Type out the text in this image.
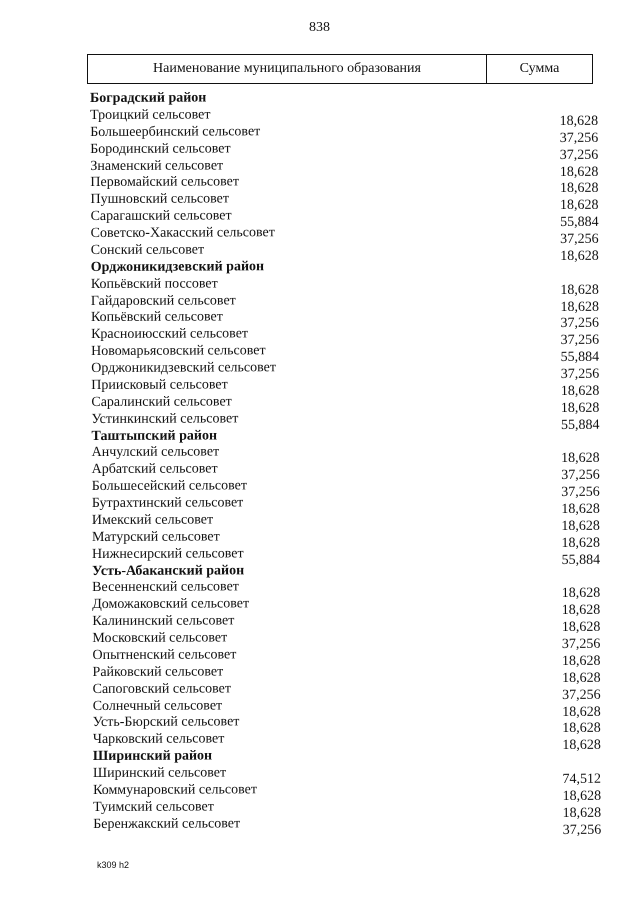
838
Наименование муниципального образования	Сумма
Боградский район
Троицкий сельсовет	18,628
Большеербинский сельсовет	37,256
Бородинский сельсовет	37,256
Знаменский сельсовет	18,628
Первомайский сельсовет	18,628
Пушновский сельсовет	18,628
Сарагашский сельсовет	55,884
Советско-Хакасский сельсовет	37,256
Сонский сельсовет	18,628
Орджоникидзевский район
Копьёвский поссовет	18,628
Гайдаровский сельсовет	18,628
Копьёвский сельсовет	37,256
Красноиюсский сельсовет	37,256
Новомарьясовский сельсовет	55,884
Орджоникидзевский сельсовет	37,256
Приисковый сельсовет	18,628
Саралинский сельсовет	18,628
Устинкинский сельсовет	55,884
Таштыпский район
Анчулский сельсовет	18,628
Арбатский сельсовет	37,256
Большесейский сельсовет	37,256
Бутрахтинский сельсовет	18,628
Имекский сельсовет	18,628
Матурский сельсовет	18,628
Нижнесирский сельсовет	55,884
Усть-Абаканский район
Весенненский сельсовет	18,628
Доможаковский сельсовет	18,628
Калининский сельсовет	18,628
Московский сельсовет	37,256
Опытненский сельсовет	18,628
Райковский сельсовет	18,628
Сапоговский сельсовет	37,256
Солнечный сельсовет	18,628
Усть-Бюрский сельсовет	18,628
Чарковский сельсовет	18,628
Ширинский район
Ширинский сельсовет	74,512
Коммунаровский сельсовет	18,628
Туимский сельсовет	18,628
Беренжакский сельсовет	37,256
k309 h2
